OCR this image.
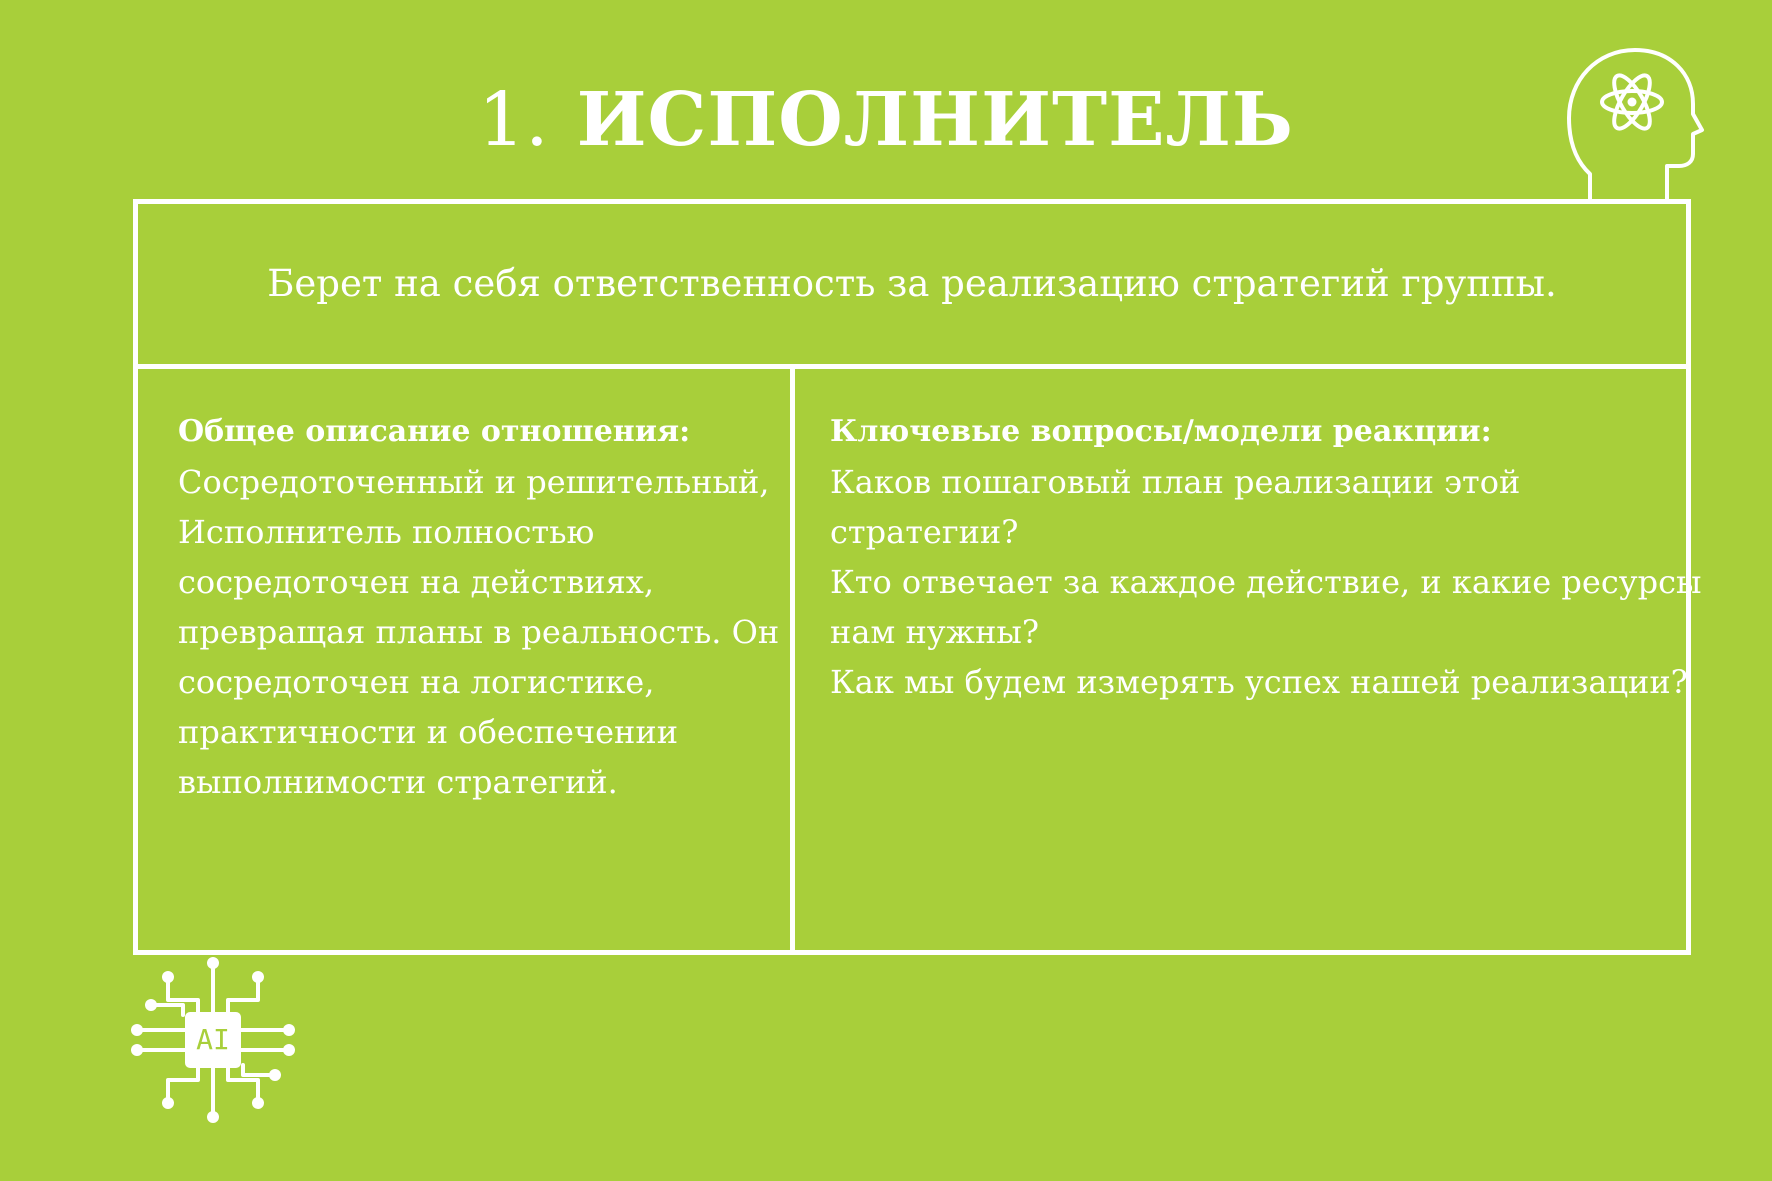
1. ИСПОЛНИТЕЛЬ
Берет на себя ответственность за реализацию стратегий группы.
Общее описание отношения:
Сосредоточенный и решительный,
Исполнитель полностью
сосредоточен на действиях,
превращая планы в реальность. Он
сосредоточен на логистике,
практичности и обеспечении
выполнимости стратегий.
Ключевые вопросы/модели реакции:
Каков пошаговый план реализации этой
стратегии?
Кто отвечает за каждое действие, и какие ресурсы
нам нужны?
Как мы будем измерять успех нашей реализации?
AI
